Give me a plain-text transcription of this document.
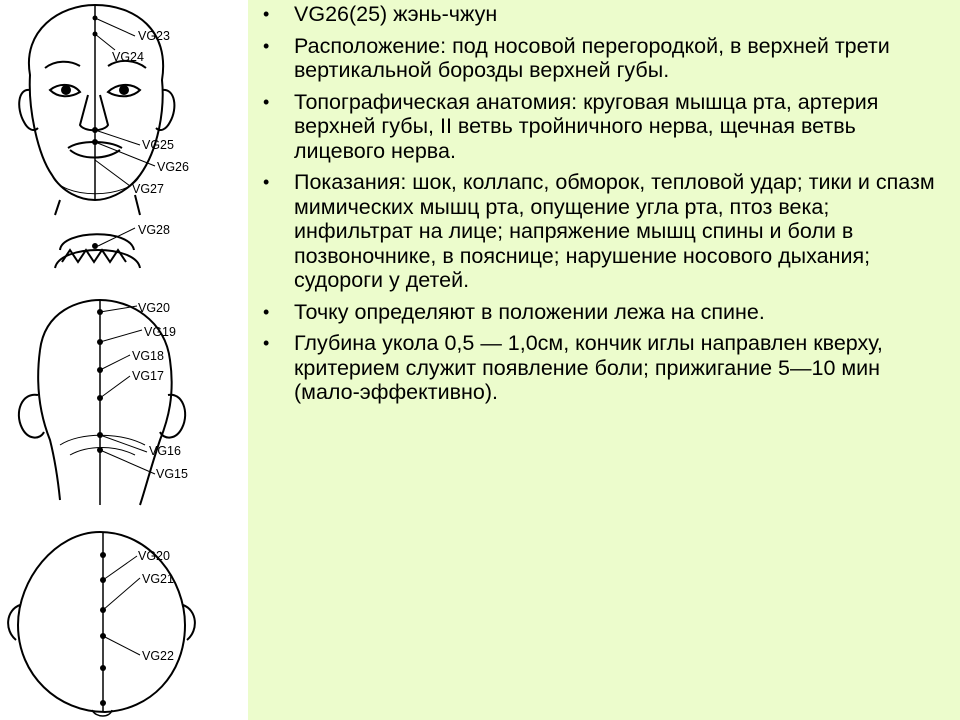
VG23
VG24
VG25
VG26
VG27
VG28
VG20
VG19
VG18
VG17
VG16
VG15
VG20
VG21
VG22
• VG26(25) жэнь-чжун
• Расположение: под носовой перегородкой, в верхней трети вертикальной борозды верхней губы.
• Топографическая анатомия: круговая мышца рта, артерия верхней губы, II ветвь тройничного нерва, щечная ветвь лицевого нерва.
• Показания: шок, коллапс, обморок, тепловой удар; тики и спазм мимических мышц рта, опущение угла рта, птоз века; инфильтрат на лице; напряжение мышц спины и боли в позвоночнике, в пояснице; нарушение носового дыхания; судороги у детей.
• Точку определяют в положении лежа на спине.
• Глубина укола 0,5 — 1,0см, кончик иглы направлен кверху, критерием служит появление боли; прижигание 5—10 мин (мало-эффективно).
